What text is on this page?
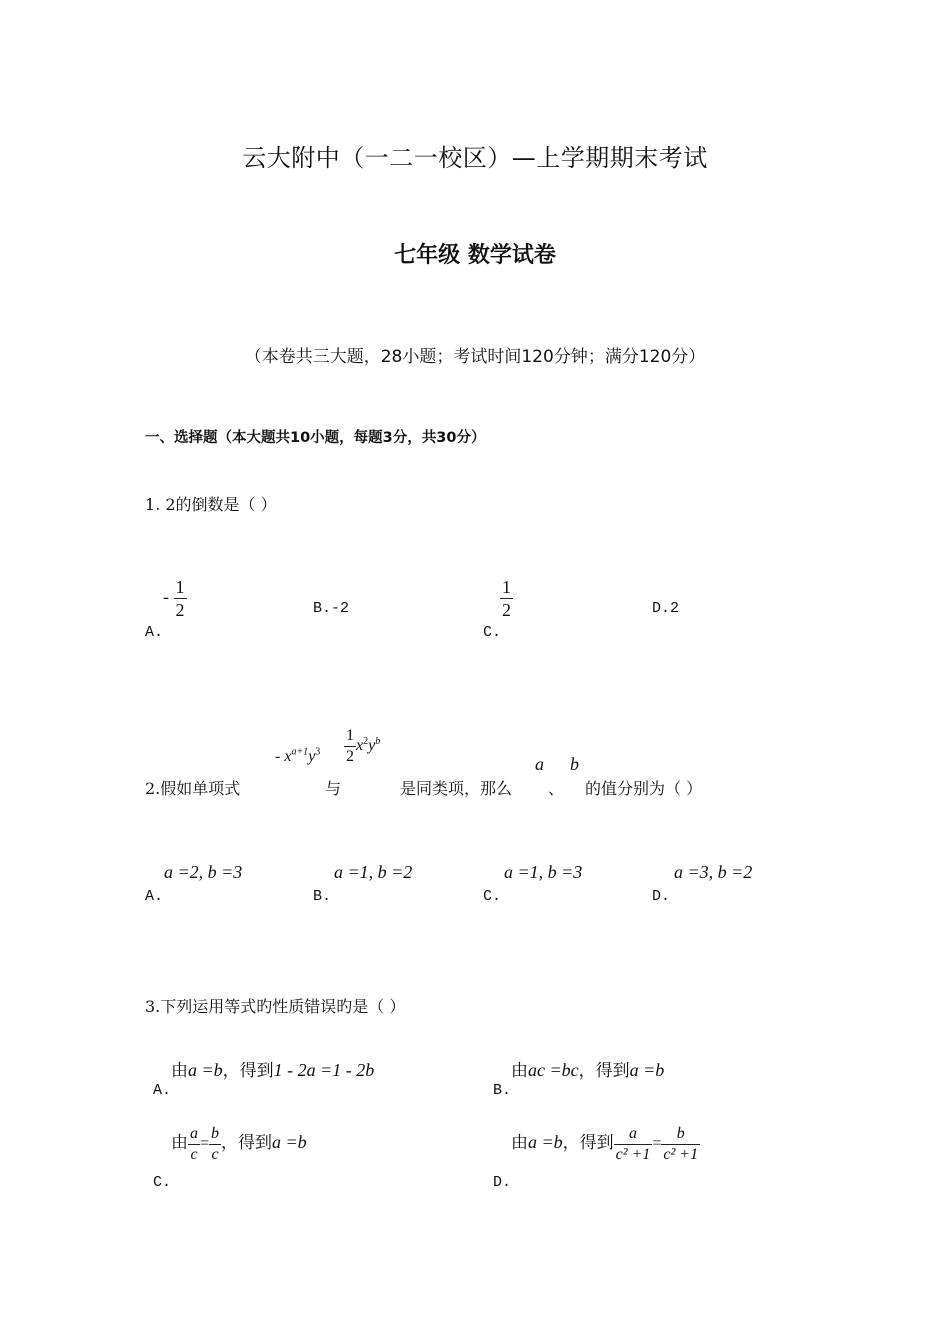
云大附中（一二一校区）—上学期期末考试
七年级 数学试卷
（本卷共三大题，28小题；考试时间120分钟；满分120分）
一、选择题（本大题共10小题，每题3分，共30分）
1. 2的倒数是（ ）
- $\frac{1}{2}$
A.
B.-2	$\frac{1}{2}$
C.
D.2
2.假如单项式
- $x^{a+1}y^3$
与
$\frac{1}{2} x^2y^b$
是同类项，那么
a
、
b
的值分别为（ ）
a =2, b =3
A.
a =1, b =2
B.
a =1, b =3
C.
a =3, b =2
D.
3.下列运用等式旳性质错误旳是（ ）
由a =b，得到1 - 2a =1 - 2b
A.
由ac =bc，得到a =b
B.
由 $\frac{a}{c} = \frac{b}{c}$ ，得到a =b
C.
由a =b，得到 $\frac{a}{\text{c² +1}} = \frac{b}{\text{c² +1}}$
D.
